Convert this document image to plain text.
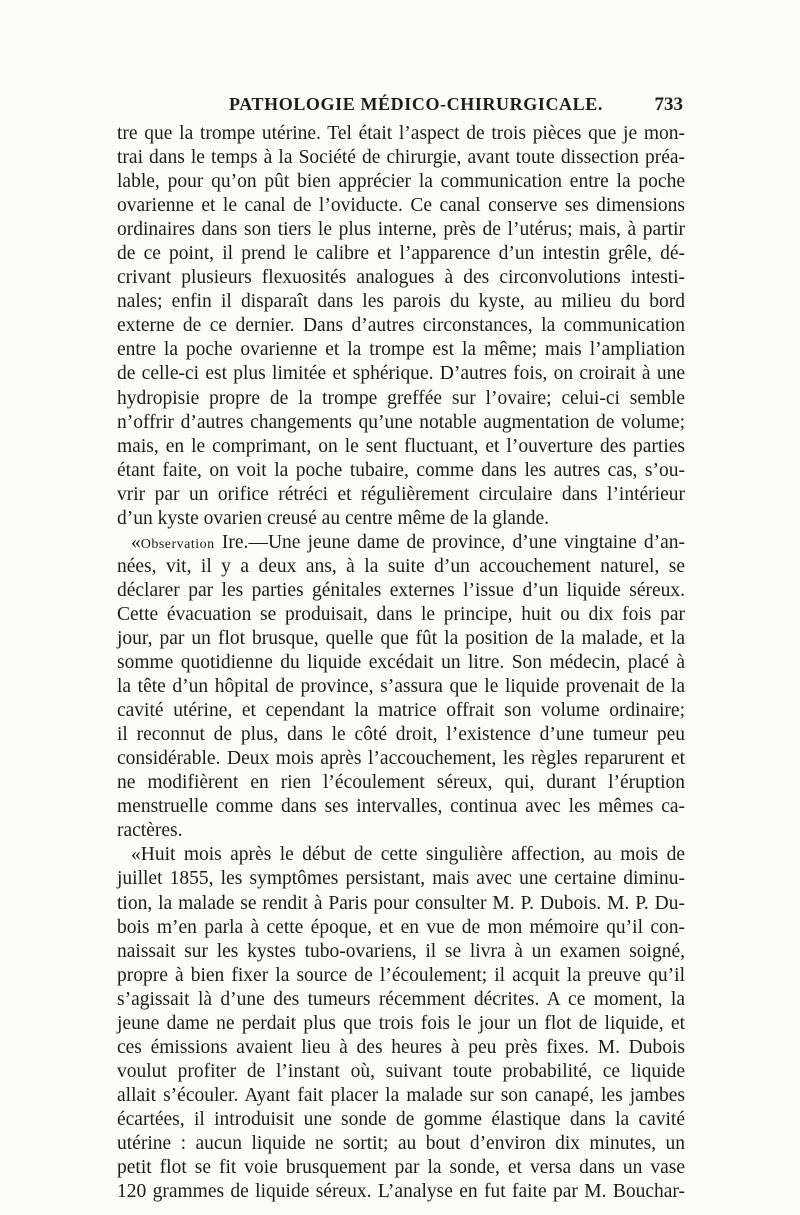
PATHOLOGIE MÉDICO-CHIRURGICALE.	733
tre que la trompe utérine. Tel était l’aspect de trois pièces que je mon-
trai dans le temps à la Société de chirurgie, avant toute dissection préa-
lable, pour qu’on pût bien apprécier la communication entre la poche
ovarienne et le canal de l’oviducte. Ce canal conserve ses dimensions
ordinaires dans son tiers le plus interne, près de l’utérus; mais, à partir
de ce point, il prend le calibre et l’apparence d’un intestin grêle, dé-
crivant plusieurs flexuosités analogues à des circonvolutions intesti-
nales; enfin il disparaît dans les parois du kyste, au milieu du bord
externe de ce dernier. Dans d’autres circonstances, la communication
entre la poche ovarienne et la trompe est la même; mais l’ampliation
de celle-ci est plus limitée et sphérique. D’autres fois, on croirait à une
hydropisie propre de la trompe greffée sur l’ovaire; celui-ci semble
n’offrir d’autres changements qu’une notable augmentation de volume;
mais, en le comprimant, on le sent fluctuant, et l’ouverture des parties
étant faite, on voit la poche tubaire, comme dans les autres cas, s’ou-
vrir par un orifice rétréci et régulièrement circulaire dans l’intérieur
d’un kyste ovarien creusé au centre même de la glande.
«Observation Ire.—Une jeune dame de province, d’une vingtaine d’an-
nées, vit, il y a deux ans, à la suite d’un accouchement naturel, se
déclarer par les parties génitales externes l’issue d’un liquide séreux.
Cette évacuation se produisait, dans le principe, huit ou dix fois par
jour, par un flot brusque, quelle que fût la position de la malade, et la
somme quotidienne du liquide excédait un litre. Son médecin, placé à
la tête d’un hôpital de province, s’assura que le liquide provenait de la
cavité utérine, et cependant la matrice offrait son volume ordinaire;
il reconnut de plus, dans le côté droit, l’existence d’une tumeur peu
considérable. Deux mois après l’accouchement, les règles reparurent et
ne modifièrent en rien l’écoulement séreux, qui, durant l’éruption
menstruelle comme dans ses intervalles, continua avec les mêmes ca-
ractères.
«Huit mois après le début de cette singulière affection, au mois de
juillet 1855, les symptômes persistant, mais avec une certaine diminu-
tion, la malade se rendit à Paris pour consulter M. P. Dubois. M. P. Du-
bois m’en parla à cette époque, et en vue de mon mémoire qu’il con-
naissait sur les kystes tubo-ovariens, il se livra à un examen soigné,
propre à bien fixer la source de l’écoulement; il acquit la preuve qu’il
s’agissait là d’une des tumeurs récemment décrites. A ce moment, la
jeune dame ne perdait plus que trois fois le jour un flot de liquide, et
ces émissions avaient lieu à des heures à peu près fixes. M. Dubois
voulut profiter de l’instant où, suivant toute probabilité, ce liquide
allait s’écouler. Ayant fait placer la malade sur son canapé, les jambes
écartées, il introduisit une sonde de gomme élastique dans la cavité
utérine : aucun liquide ne sortit; au bout d’environ dix minutes, un
petit flot se fit voie brusquement par la sonde, et versa dans un vase
120 grammes de liquide séreux. L’analyse en fut faite par M. Bouchar-
